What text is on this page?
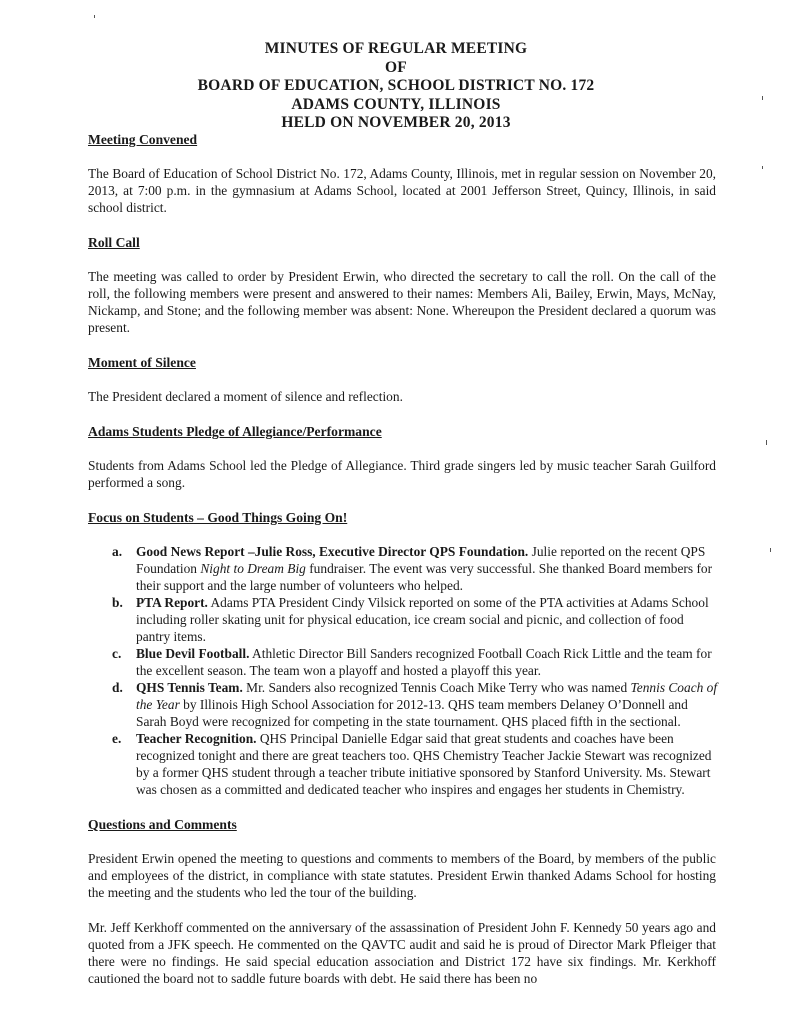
MINUTES OF REGULAR MEETING
OF
BOARD OF EDUCATION, SCHOOL DISTRICT NO. 172
ADAMS COUNTY, ILLINOIS
HELD ON NOVEMBER 20, 2013
Meeting Convened

The Board of Education of School District No. 172, Adams County, Illinois, met in regular session on November 20, 2013, at 7:00 p.m. in the gymnasium at Adams School, located at 2001 Jefferson Street, Quincy, Illinois, in said school district.

Roll Call

The meeting was called to order by President Erwin, who directed the secretary to call the roll. On the call of the roll, the following members were present and answered to their names: Members Ali, Bailey, Erwin, Mays, McNay, Nickamp, and Stone; and the following member was absent: None. Whereupon the President declared a quorum was present.

Moment of Silence

The President declared a moment of silence and reflection.

Adams Students Pledge of Allegiance/Performance

Students from Adams School led the Pledge of Allegiance. Third grade singers led by music teacher Sarah Guilford performed a song.

Focus on Students – Good Things Going On!
a. Good News Report –Julie Ross, Executive Director QPS Foundation. Julie reported on the recent QPS Foundation Night to Dream Big fundraiser. The event was very successful. She thanked Board members for their support and the large number of volunteers who helped.
b. PTA Report. Adams PTA President Cindy Vilsick reported on some of the PTA activities at Adams School including roller skating unit for physical education, ice cream social and picnic, and collection of food pantry items.
c. Blue Devil Football. Athletic Director Bill Sanders recognized Football Coach Rick Little and the team for the excellent season. The team won a playoff and hosted a playoff this year.
d. QHS Tennis Team. Mr. Sanders also recognized Tennis Coach Mike Terry who was named Tennis Coach of the Year by Illinois High School Association for 2012-13. QHS team members Delaney O’Donnell and Sarah Boyd were recognized for competing in the state tournament. QHS placed fifth in the sectional.
e. Teacher Recognition. QHS Principal Danielle Edgar said that great students and coaches have been recognized tonight and there are great teachers too. QHS Chemistry Teacher Jackie Stewart was recognized by a former QHS student through a teacher tribute initiative sponsored by Stanford University. Ms. Stewart was chosen as a committed and dedicated teacher who inspires and engages her students in Chemistry.
Questions and Comments

President Erwin opened the meeting to questions and comments to members of the Board, by members of the public and employees of the district, in compliance with state statutes. President Erwin thanked Adams School for hosting the meeting and the students who led the tour of the building.

Mr. Jeff Kerkhoff commented on the anniversary of the assassination of President John F. Kennedy 50 years ago and quoted from a JFK speech. He commented on the QAVTC audit and said he is proud of Director Mark Pfleiger that there were no findings. He said special education association and District 172 have six findings. Mr. Kerkhoff cautioned the board not to saddle future boards with debt. He said there has been no
